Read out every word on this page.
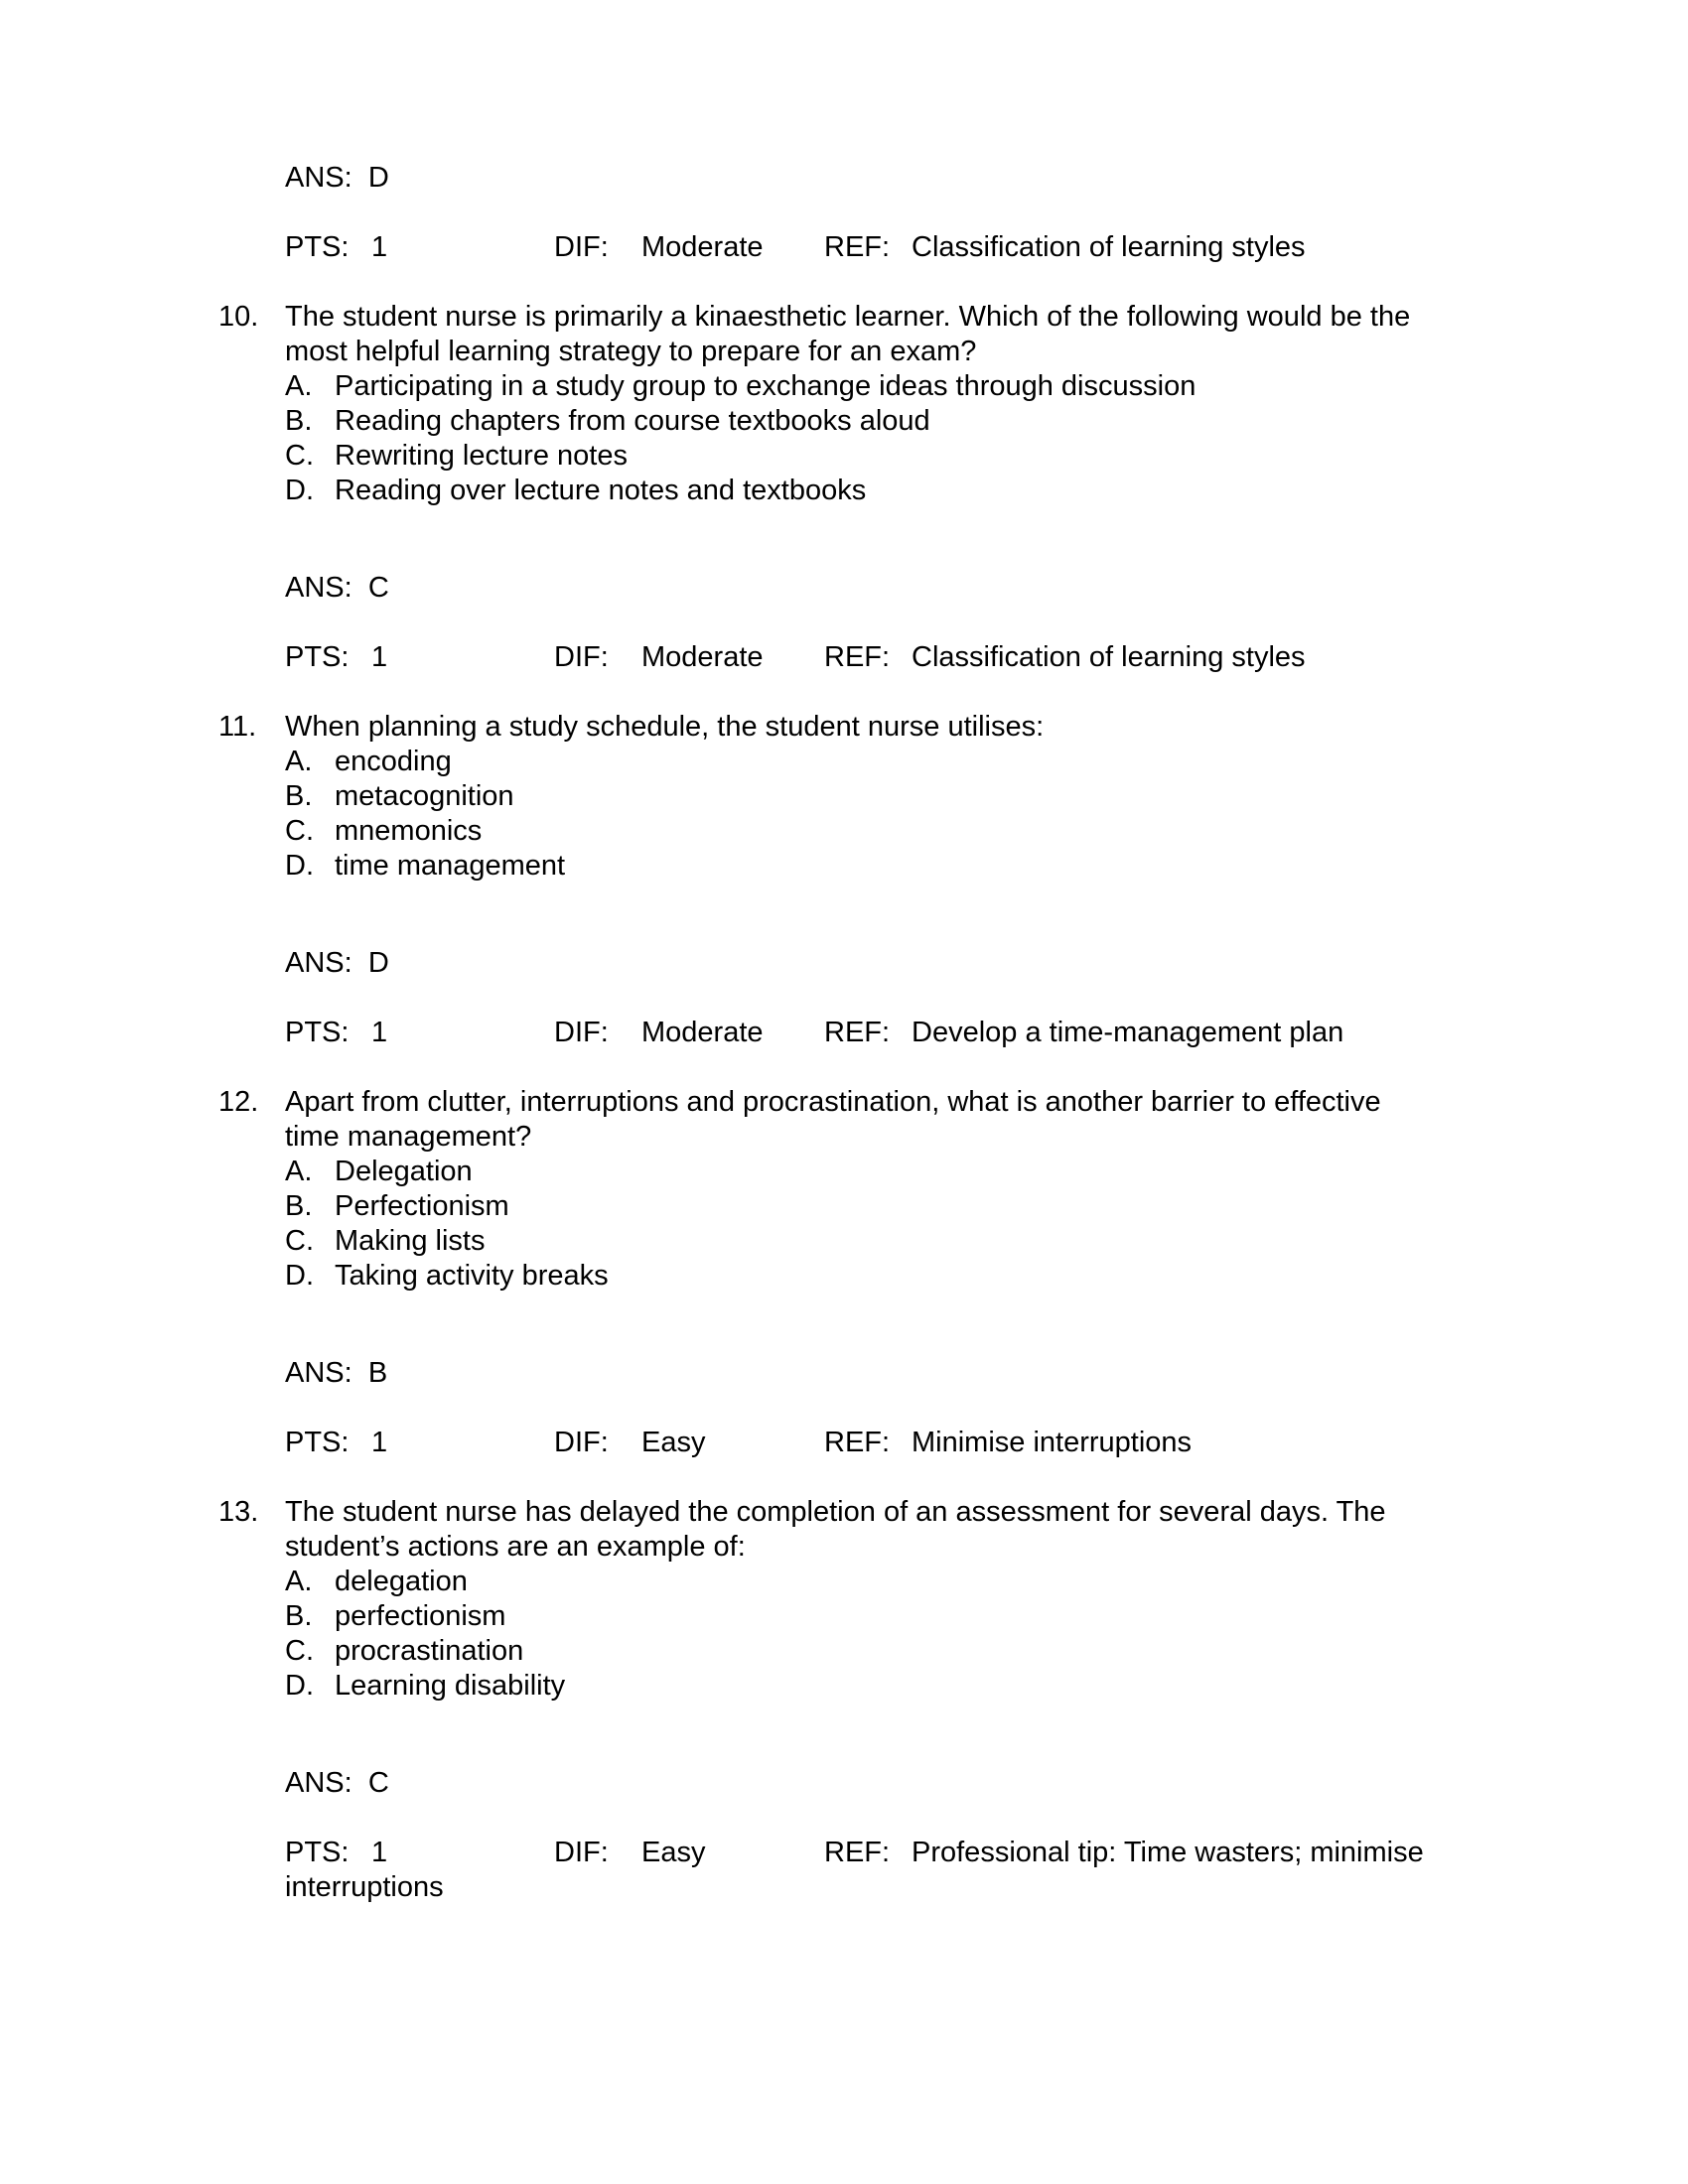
ANS: D
PTS: 1	DIF: Moderate REF: Classification of learning styles
10. The student nurse is primarily a kinaesthetic learner. Which of the following would be the
most helpful learning strategy to prepare for an exam?
A. Participating in a study group to exchange ideas through discussion
B. Reading chapters from course textbooks aloud
C. Rewriting lecture notes
D. Reading over lecture notes and textbooks
ANS: C
PTS: 1	DIF: Moderate REF: Classification of learning styles
11. When planning a study schedule, the student nurse utilises:
A. encoding
B. metacognition
C. mnemonics
D. time management
ANS: D
PTS: 1	DIF: Moderate REF: Develop a time-management plan
12. Apart from clutter, interruptions and procrastination, what is another barrier to effective
time management?
A. Delegation
B. Perfectionism
C. Making lists
D. Taking activity breaks
ANS: B
PTS: 1	DIF: Easy	REF: Minimise interruptions
13. The student nurse has delayed the completion of an assessment for several days. The
student’s actions are an example of:
A. delegation
B. perfectionism
C. procrastination
D. Learning disability
ANS: C
PTS: 1	DIF: Easy	REF: Professional tip: Time wasters; minimise
interruptions
